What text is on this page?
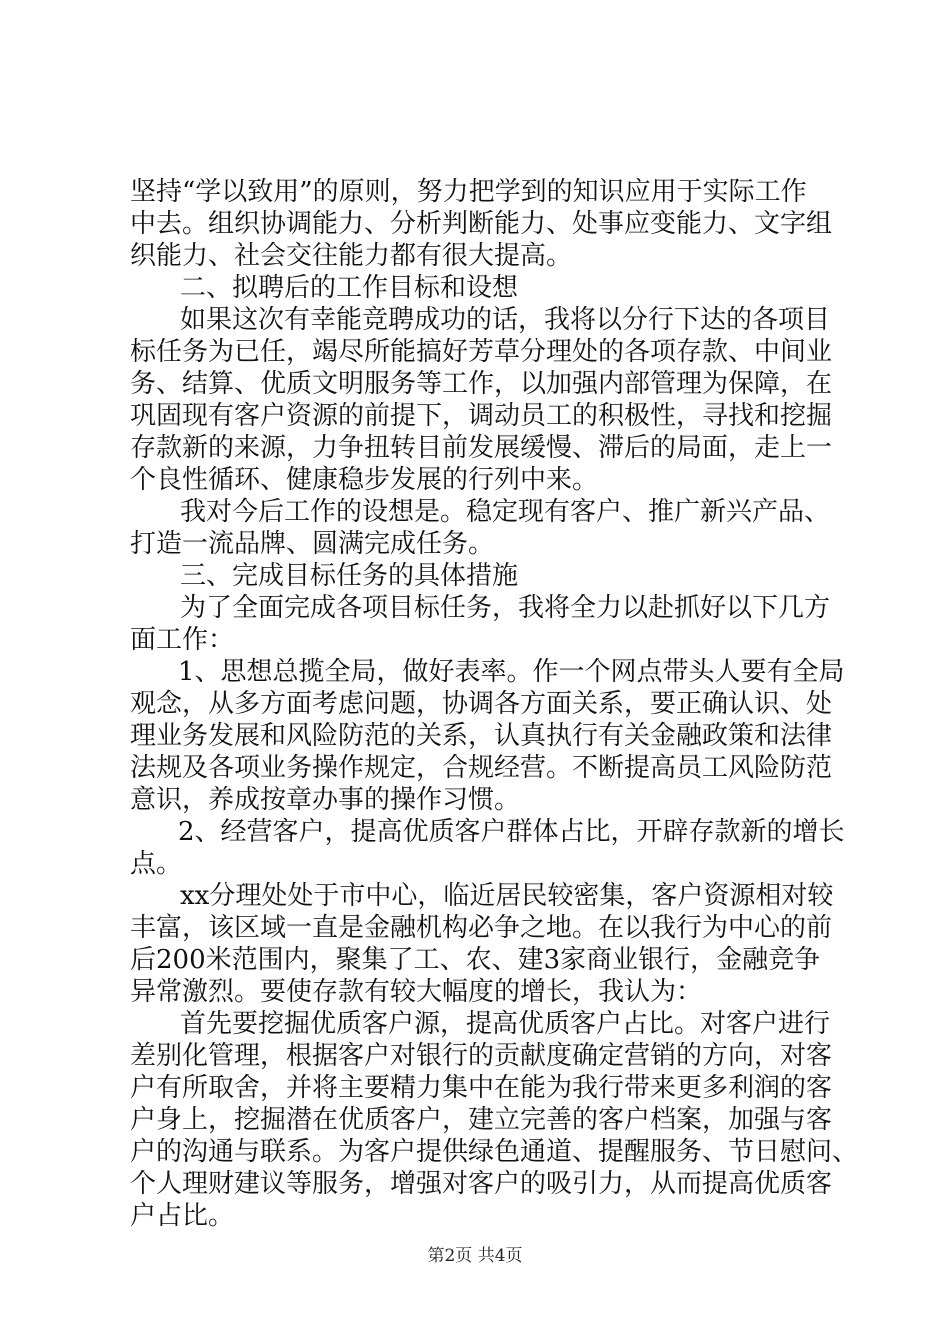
坚持“学以致用”的原则，努力把学到的知识应用于实际工作
中去。组织协调能力、分析判断能力、处事应变能力、文字组
织能力、社会交往能力都有很大提高。
二、拟聘后的工作目标和设想
如果这次有幸能竞聘成功的话，我将以分行下达的各项目
标任务为已任，竭尽所能搞好芳草分理处的各项存款、中间业
务、结算、优质文明服务等工作，以加强内部管理为保障，在
巩固现有客户资源的前提下，调动员工的积极性，寻找和挖掘
存款新的来源，力争扭转目前发展缓慢、滞后的局面，走上一
个良性循环、健康稳步发展的行列中来。
我对今后工作的设想是。稳定现有客户、推广新兴产品、
打造一流品牌、圆满完成任务。
三、完成目标任务的具体措施
为了全面完成各项目标任务，我将全力以赴抓好以下几方
面工作：
1、思想总揽全局，做好表率。作一个网点带头人要有全局
观念，从多方面考虑问题，协调各方面关系，要正确认识、处
理业务发展和风险防范的关系，认真执行有关金融政策和法律
法规及各项业务操作规定，合规经营。不断提高员工风险防范
意识，养成按章办事的操作习惯。
2、经营客户，提高优质客户群体占比，开辟存款新的增长
点。
xx分理处处于市中心，临近居民较密集，客户资源相对较
丰富，该区域一直是金融机构必争之地。在以我行为中心的前
后200米范围内，聚集了工、农、建3家商业银行，金融竞争
异常激烈。要使存款有较大幅度的增长，我认为：
首先要挖掘优质客户源，提高优质客户占比。对客户进行
差别化管理，根据客户对银行的贡献度确定营销的方向，对客
户有所取舍，并将主要精力集中在能为我行带来更多利润的客
户身上，挖掘潜在优质客户，建立完善的客户档案，加强与客
户的沟通与联系。为客户提供绿色通道、提醒服务、节日慰问、
个人理财建议等服务，增强对客户的吸引力，从而提高优质客
户占比。
第2页 共4页
